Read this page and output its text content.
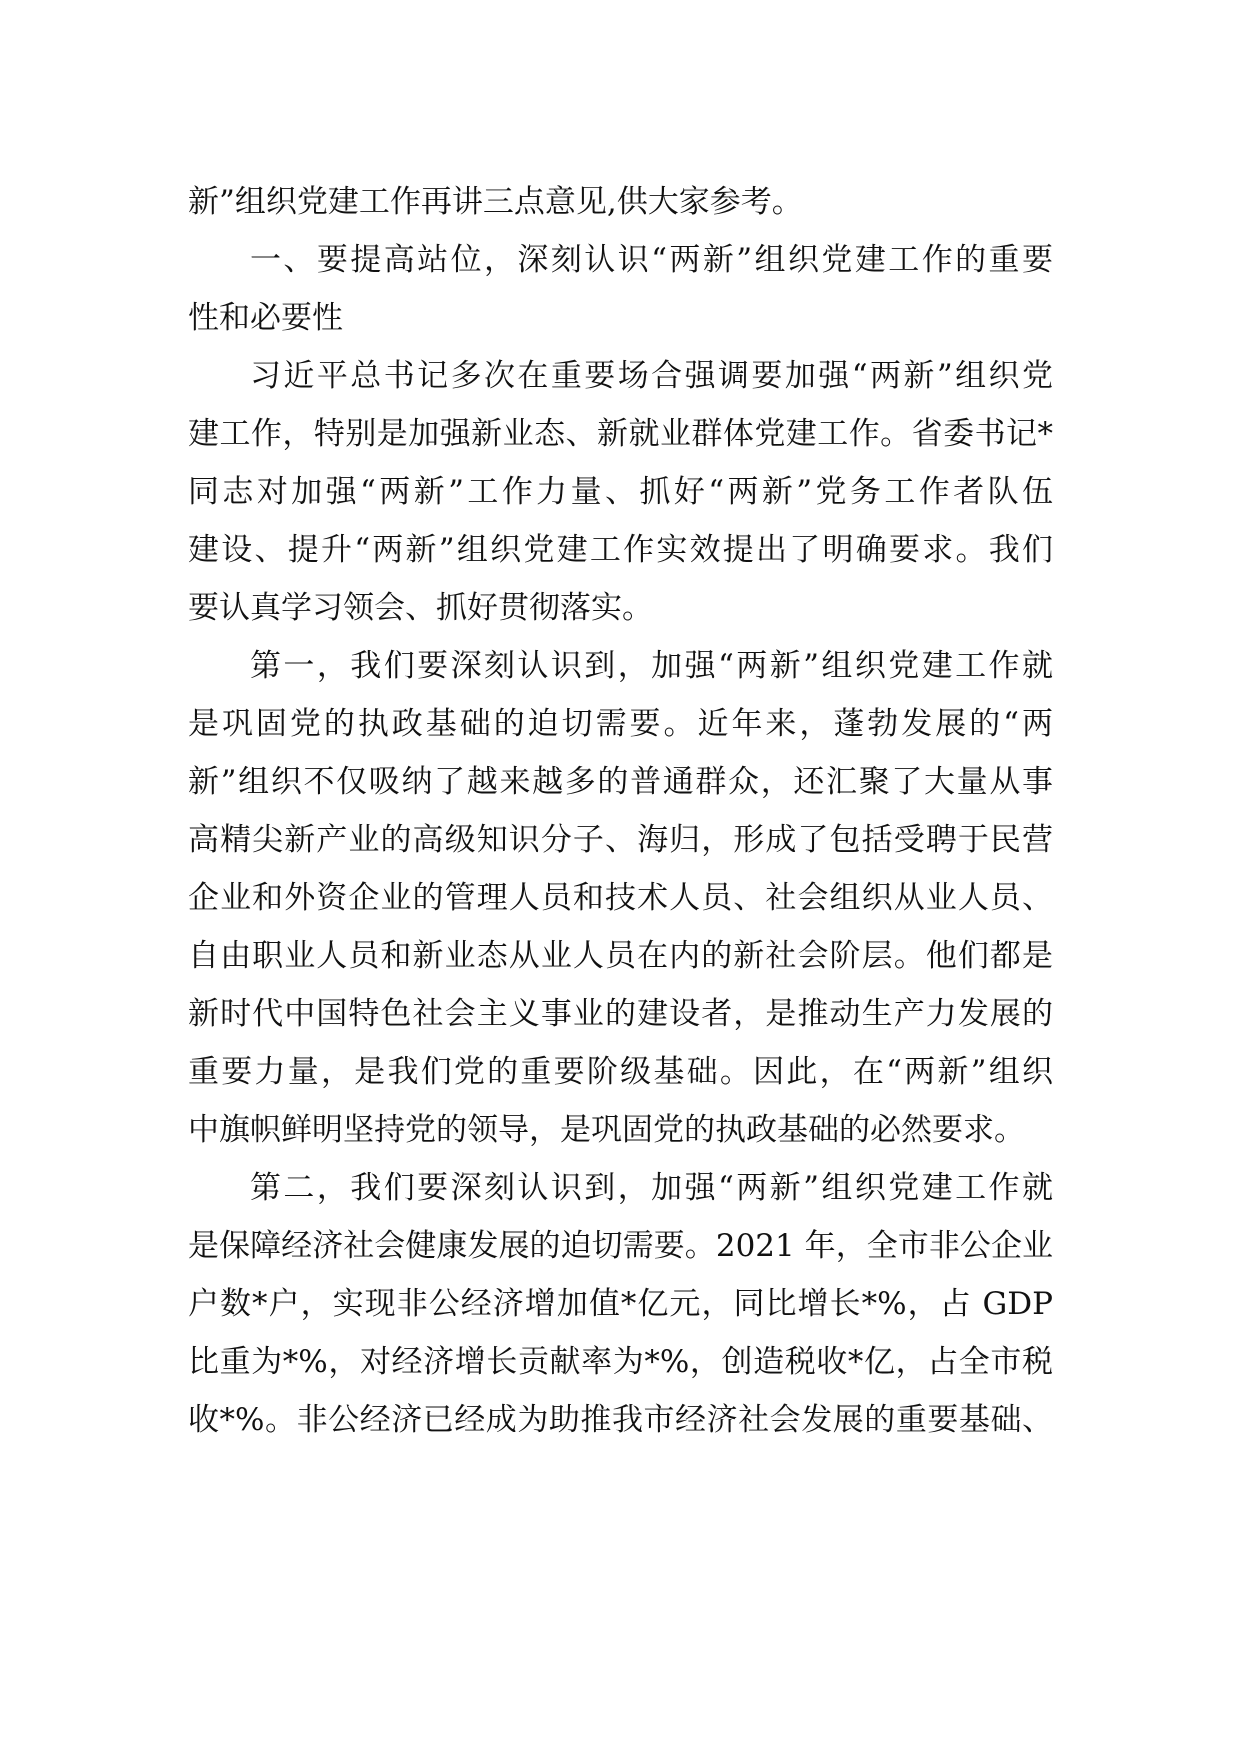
新”组织党建工作再讲三点意见,供大家参考。
一、要提高站位，深刻认识“两新”组织党建工作的重要
性和必要性
习近平总书记多次在重要场合强调要加强“两新”组织党
建工作，特别是加强新业态、新就业群体党建工作。省委书记*
同志对加强“两新”工作力量、抓好“两新”党务工作者队伍
建设、提升“两新”组织党建工作实效提出了明确要求。我们
要认真学习领会、抓好贯彻落实。
第一，我们要深刻认识到，加强“两新”组织党建工作就
是巩固党的执政基础的迫切需要。近年来，蓬勃发展的“两
新”组织不仅吸纳了越来越多的普通群众，还汇聚了大量从事
高精尖新产业的高级知识分子、海归，形成了包括受聘于民营
企业和外资企业的管理人员和技术人员、社会组织从业人员、
自由职业人员和新业态从业人员在内的新社会阶层。他们都是
新时代中国特色社会主义事业的建设者，是推动生产力发展的
重要力量，是我们党的重要阶级基础。因此，在“两新”组织
中旗帜鲜明坚持党的领导，是巩固党的执政基础的必然要求。
第二，我们要深刻认识到，加强“两新”组织党建工作就
是保障经济社会健康发展的迫切需要。2021 年，全市非公企业
户数*户，实现非公经济增加值*亿元，同比增长*%，占 GDP
比重为*%，对经济增长贡献率为*%，创造税收*亿，占全市税
收*%。非公经济已经成为助推我市经济社会发展的重要基础、
